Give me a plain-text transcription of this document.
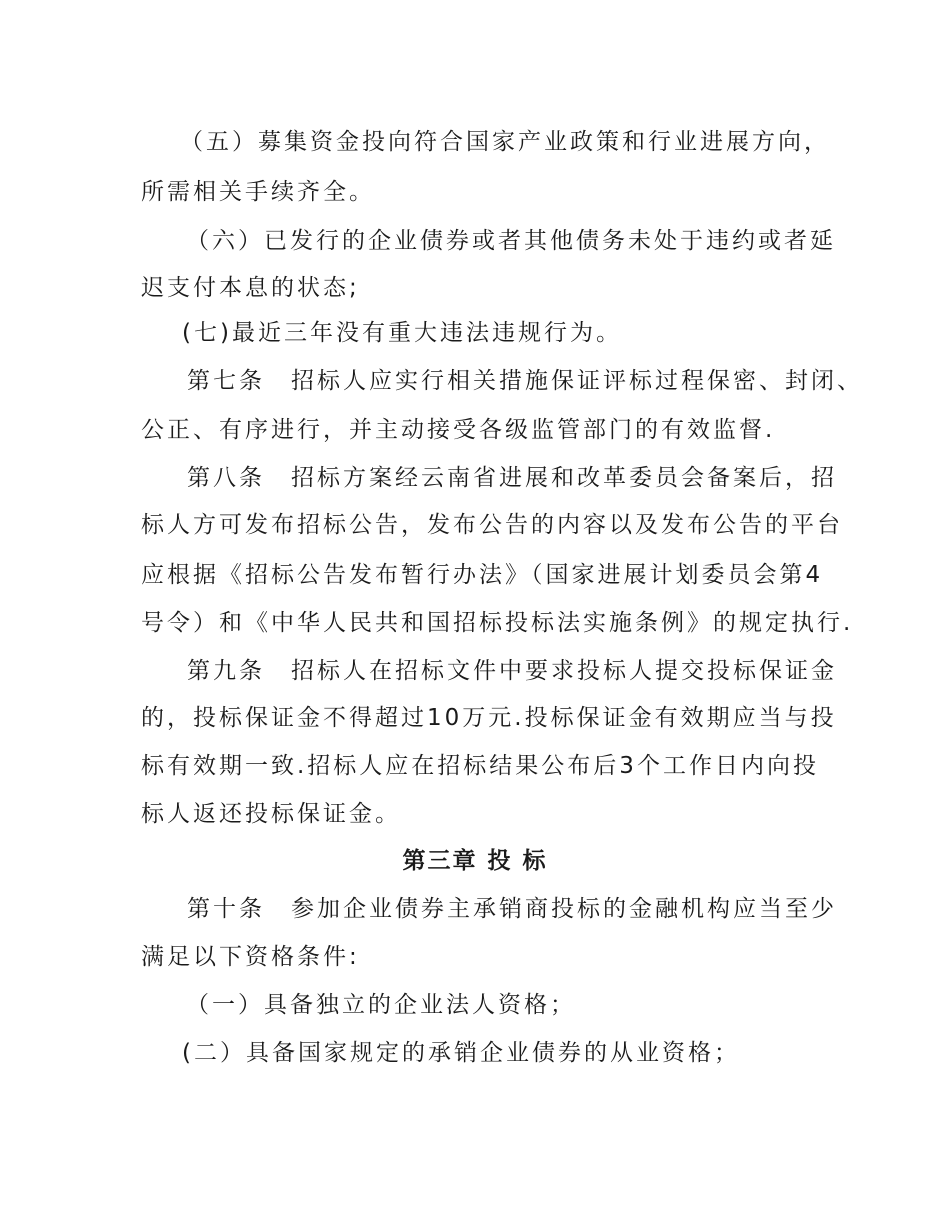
（五）募集资金投向符合国家产业政策和行业进展方向，
所需相关手续齐全。
（六）已发行的企业债券或者其他债务未处于违约或者延
迟支付本息的状态;
(七)最近三年没有重大违法违规行为。
第七条　招标人应实行相关措施保证评标过程保密、封闭、
公正、有序进行，并主动接受各级监管部门的有效监督.
第八条　招标方案经云南省进展和改革委员会备案后，招
标人方可发布招标公告，发布公告的内容以及发布公告的平台
应根据《招标公告发布暂行办法》（国家进展计划委员会第4
号令）和《中华人民共和国招标投标法实施条例》的规定执行.
第九条　招标人在招标文件中要求投标人提交投标保证金
的，投标保证金不得超过10万元.投标保证金有效期应当与投
标有效期一致.招标人应在招标结果公布后3个工作日内向投
标人返还投标保证金。
第三章 投 标
第十条　参加企业债券主承销商投标的金融机构应当至少
满足以下资格条件:
（一）具备独立的企业法人资格；
(二）具备国家规定的承销企业债券的从业资格；
